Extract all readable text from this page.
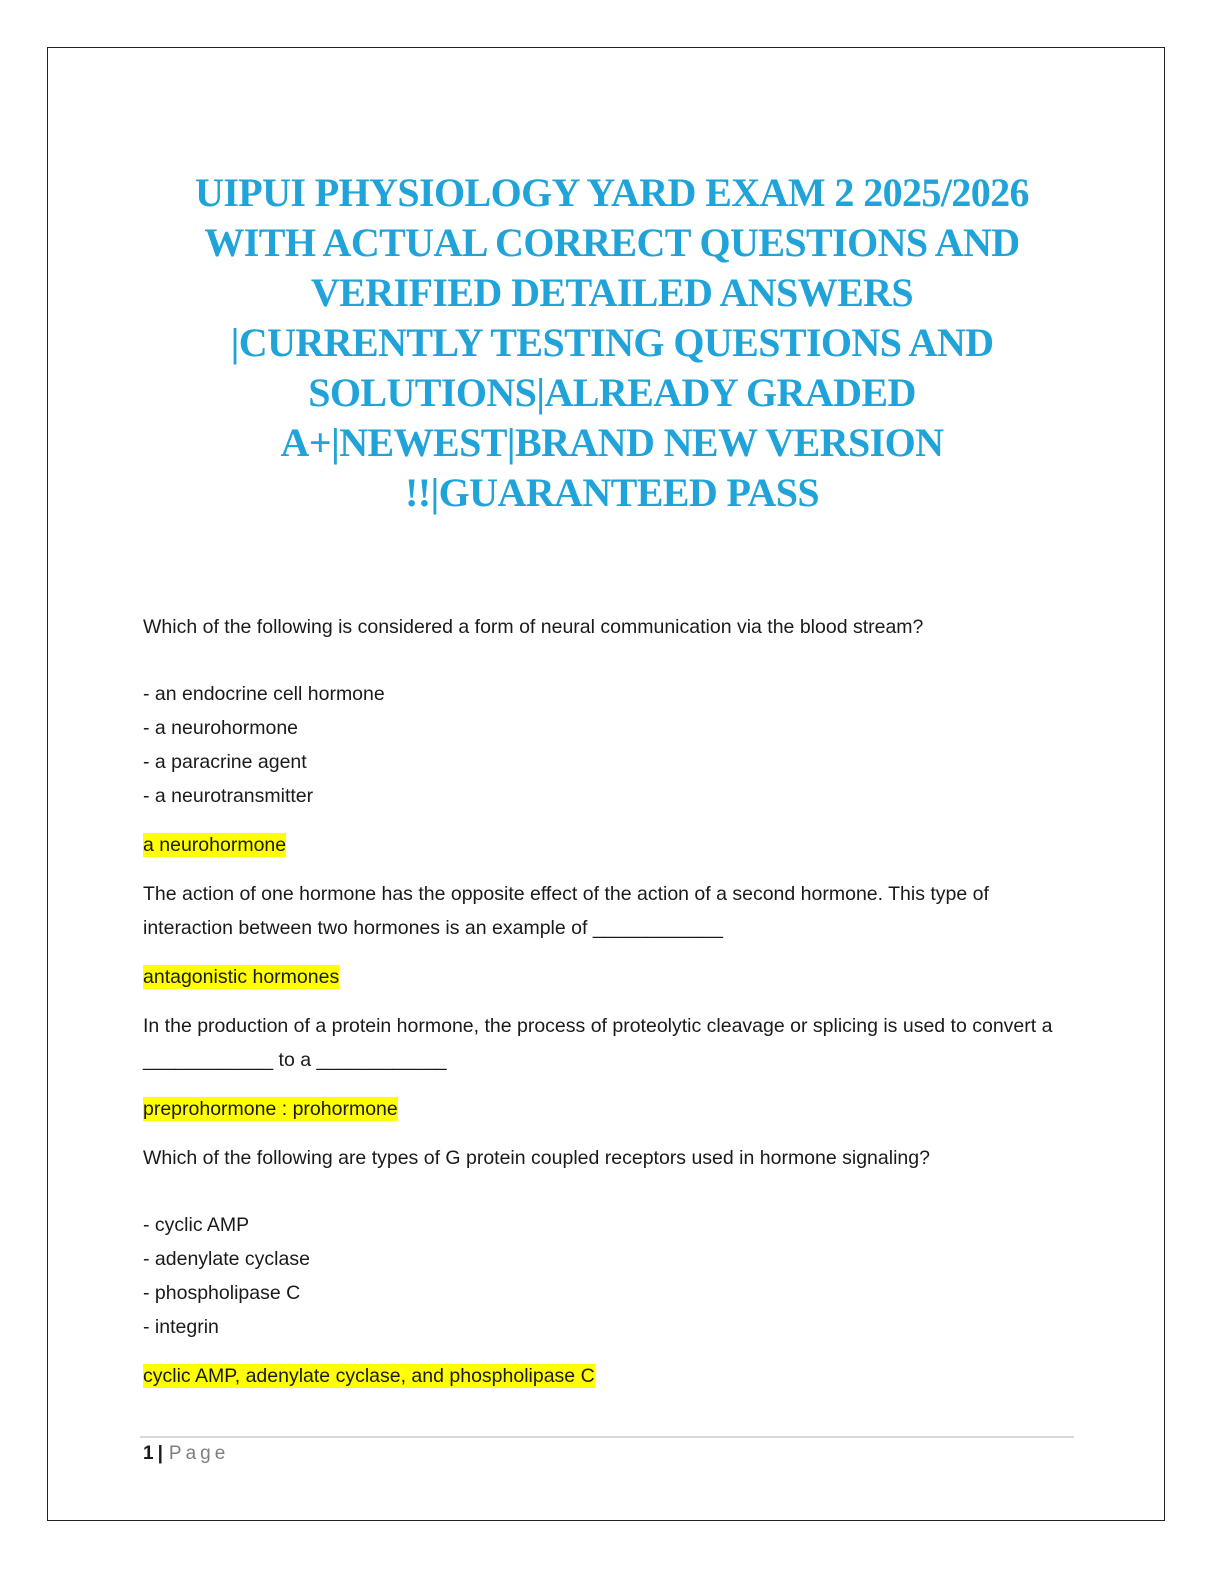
UIPUI PHYSIOLOGY YARD EXAM 2 2025/2026
WITH ACTUAL CORRECT QUESTIONS AND
VERIFIED DETAILED ANSWERS
|CURRENTLY TESTING QUESTIONS AND
SOLUTIONS|ALREADY GRADED
A+|NEWEST|BRAND NEW VERSION
!!|GUARANTEED PASS

Which of the following is considered a form of neural communication via the blood stream?

- an endocrine cell hormone
- a neurohormone
- a paracrine agent
- a neurotransmitter

a neurohormone

The action of one hormone has the opposite effect of the action of a second hormone. This type of interaction between two hormones is an example of ____________

antagonistic hormones

In the production of a protein hormone, the process of proteolytic cleavage or splicing is used to convert a ____________ to a ____________

preprohormone : prohormone

Which of the following are types of G protein coupled receptors used in hormone signaling?

- cyclic AMP
- adenylate cyclase
- phospholipase C
- integrin

cyclic AMP, adenylate cyclase, and phospholipase C

1 | Page
